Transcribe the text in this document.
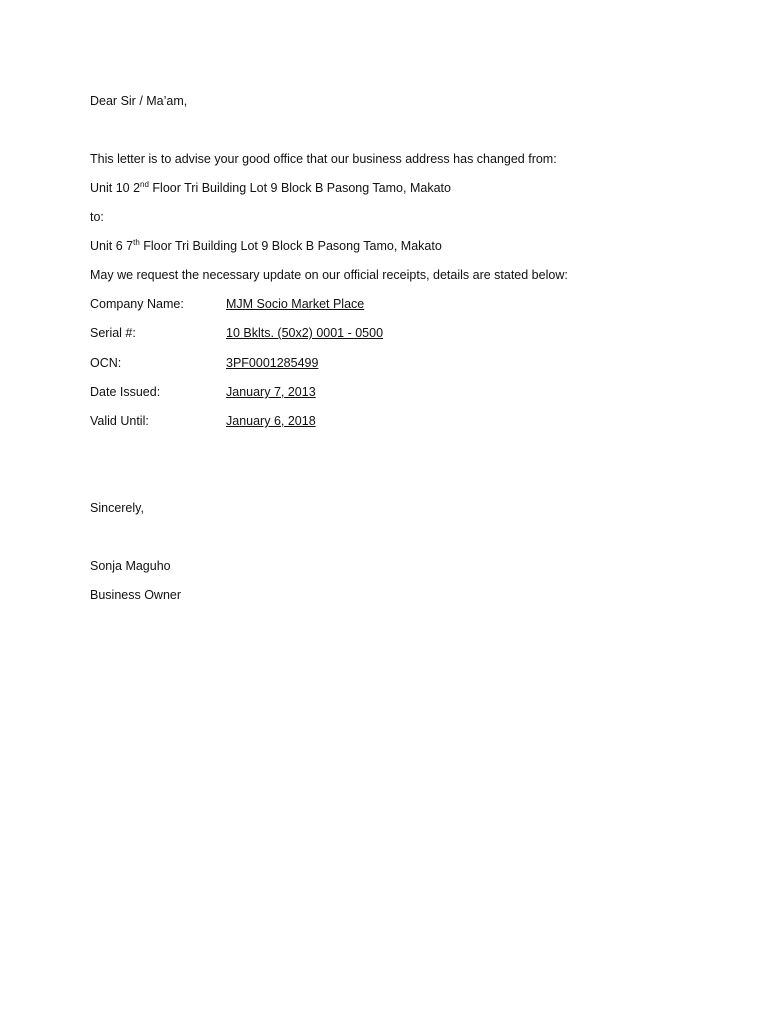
Dear Sir / Ma’am,
This letter is to advise your good office that our business address has changed from:
Unit 10 2nd Floor Tri Building Lot 9 Block B Pasong Tamo, Makato
to:
Unit 6 7th Floor Tri Building Lot 9 Block B Pasong Tamo, Makato
May we request the necessary update on our official receipts, details are stated below:
Company Name:	MJM Socio Market Place
Serial #:	10 Bklts. (50x2) 0001 - 0500
OCN:	3PF0001285499
Date Issued:	January 7, 2013
Valid Until:	January 6, 2018
Sincerely,
Sonja Maguho
Business Owner
